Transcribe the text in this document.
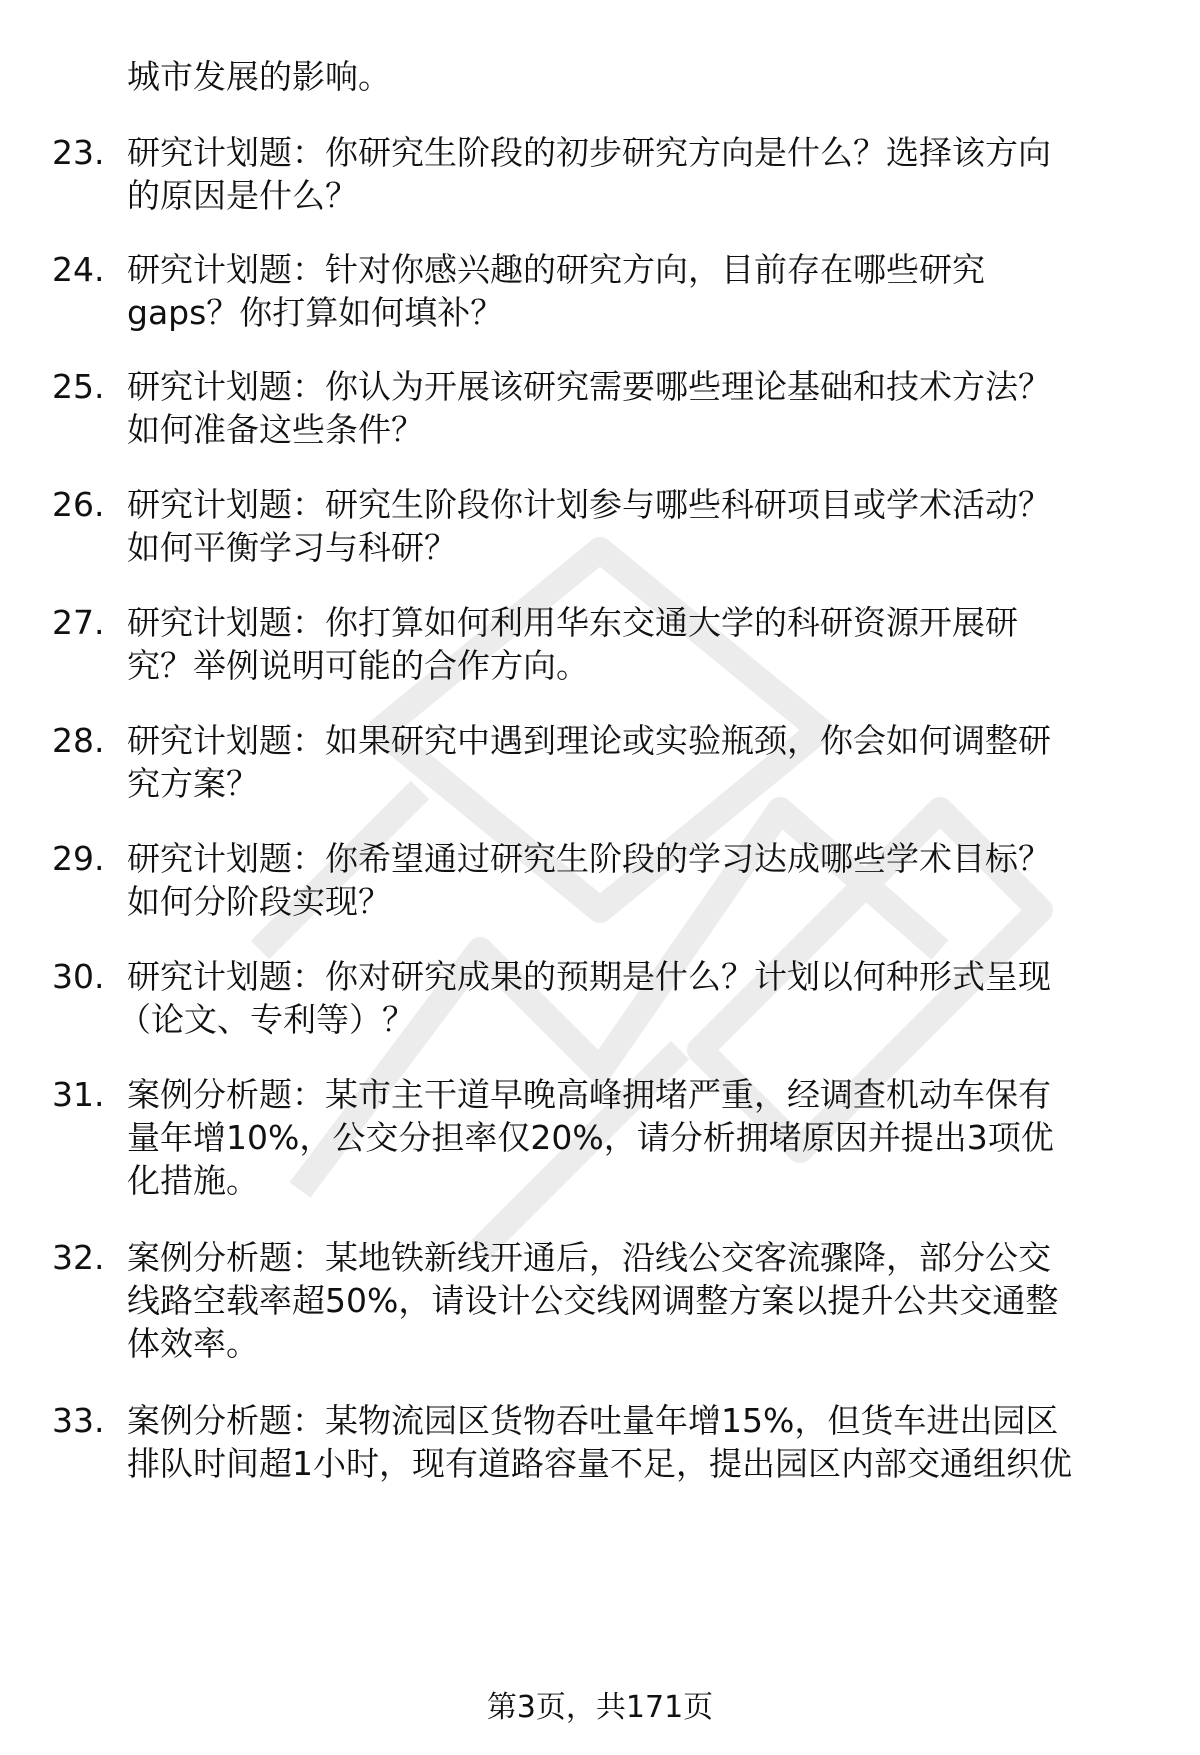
城市发展的影响。
23. 研究计划题：你研究生阶段的初步研究方向是什么？选择该方向
的原因是什么？
24. 研究计划题：针对你感兴趣的研究方向，目前存在哪些研究
gaps？你打算如何填补？
25. 研究计划题：你认为开展该研究需要哪些理论基础和技术方法？
如何准备这些条件？
26. 研究计划题：研究生阶段你计划参与哪些科研项目或学术活动？
如何平衡学习与科研？
27. 研究计划题：你打算如何利用华东交通大学的科研资源开展研
究？举例说明可能的合作方向。
28. 研究计划题：如果研究中遇到理论或实验瓶颈，你会如何调整研
究方案？
29. 研究计划题：你希望通过研究生阶段的学习达成哪些学术目标？
如何分阶段实现？
30. 研究计划题：你对研究成果的预期是什么？计划以何种形式呈现
（论文、专利等）？
31. 案例分析题：某市主干道早晚高峰拥堵严重，经调查机动车保有
量年增10%，公交分担率仅20%，请分析拥堵原因并提出3项优
化措施。
32. 案例分析题：某地铁新线开通后，沿线公交客流骤降，部分公交
线路空载率超50%，请设计公交线网调整方案以提升公共交通整
体效率。
33. 案例分析题：某物流园区货物吞吐量年增15%，但货车进出园区
排队时间超1小时，现有道路容量不足，提出园区内部交通组织优
第3页，共171页
